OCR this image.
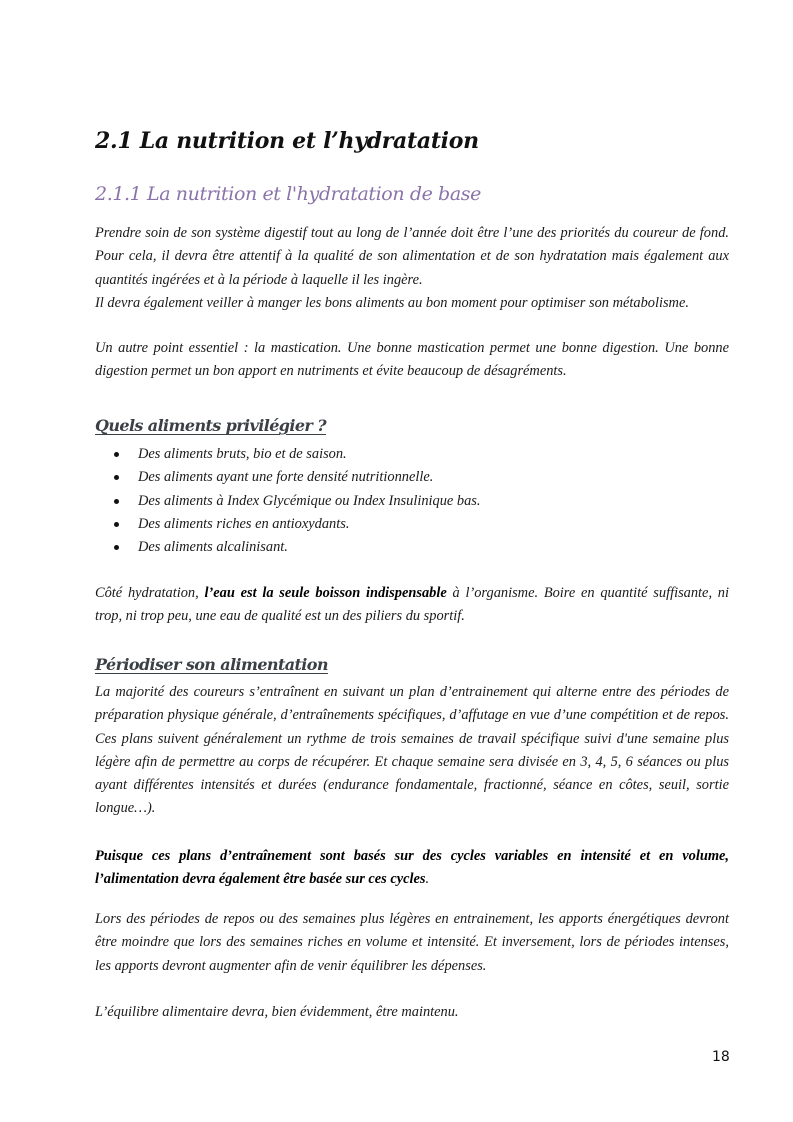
2.1 La nutrition et l’hydratation
2.1.1 La nutrition et l'hydratation de base
Prendre soin de son système digestif tout au long de l’année doit être l’une des priorités du coureur de fond.
Pour cela, il devra être attentif à la qualité de son alimentation et de son hydratation mais également aux
quantités ingérées et à la période à laquelle il les ingère.
Il devra également veiller à manger les bons aliments au bon moment pour optimiser son métabolisme.
Un autre point essentiel : la mastication. Une bonne mastication permet une bonne digestion. Une bonne
digestion permet un bon apport en nutriments et évite beaucoup de désagréments.
Quels aliments privilégier ?
Des aliments bruts, bio et de saison.
Des aliments ayant une forte densité nutritionnelle.
Des aliments à Index Glycémique ou Index Insulinique bas.
Des aliments riches en antioxydants.
Des aliments alcalinisant.
Côté hydratation, l’eau est la seule boisson indispensable à l’organisme. Boire en quantité suffisante, ni
trop, ni trop peu, une eau de qualité est un des piliers du sportif.
Périodiser son alimentation
La majorité des coureurs s’entraînent en suivant un plan d’entrainement qui alterne entre des périodes de
préparation physique générale, d’entraînements spécifiques, d’affutage en vue d’une compétition et de repos.
Ces plans suivent généralement un rythme de trois semaines de travail spécifique suivi d'une semaine plus
légère afin de permettre au corps de récupérer. Et chaque semaine sera divisée en 3, 4, 5, 6 séances ou plus
ayant différentes intensités et durées (endurance fondamentale, fractionné, séance en côtes, seuil, sortie
longue…).
Puisque ces plans d’entraînement sont basés sur des cycles variables en intensité et en volume,
l’alimentation devra également être basée sur ces cycles.
Lors des périodes de repos ou des semaines plus légères en entrainement, les apports énergétiques devront
être moindre que lors des semaines riches en volume et intensité. Et inversement, lors de périodes intenses,
les apports devront augmenter afin de venir équilibrer les dépenses.
L’équilibre alimentaire devra, bien évidemment, être maintenu.
18
